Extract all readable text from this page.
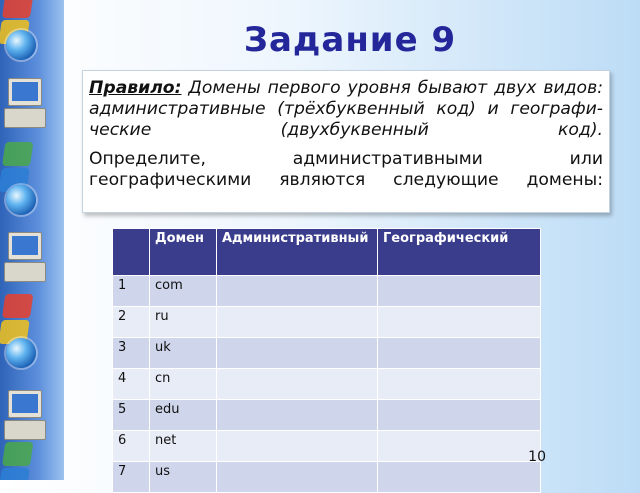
Задание 9

Правило: Домены первого уровня бывают двух видов: административные (трёхбуквенный код) и географи-ческие (двухбуквенный код).

Определите, административными или географическими являются следующие домены:

	Домен	Административный	Географический
1	com		
2	ru		
3	uk		
4	cn		
5	edu		
6	net		
7	us		
10
